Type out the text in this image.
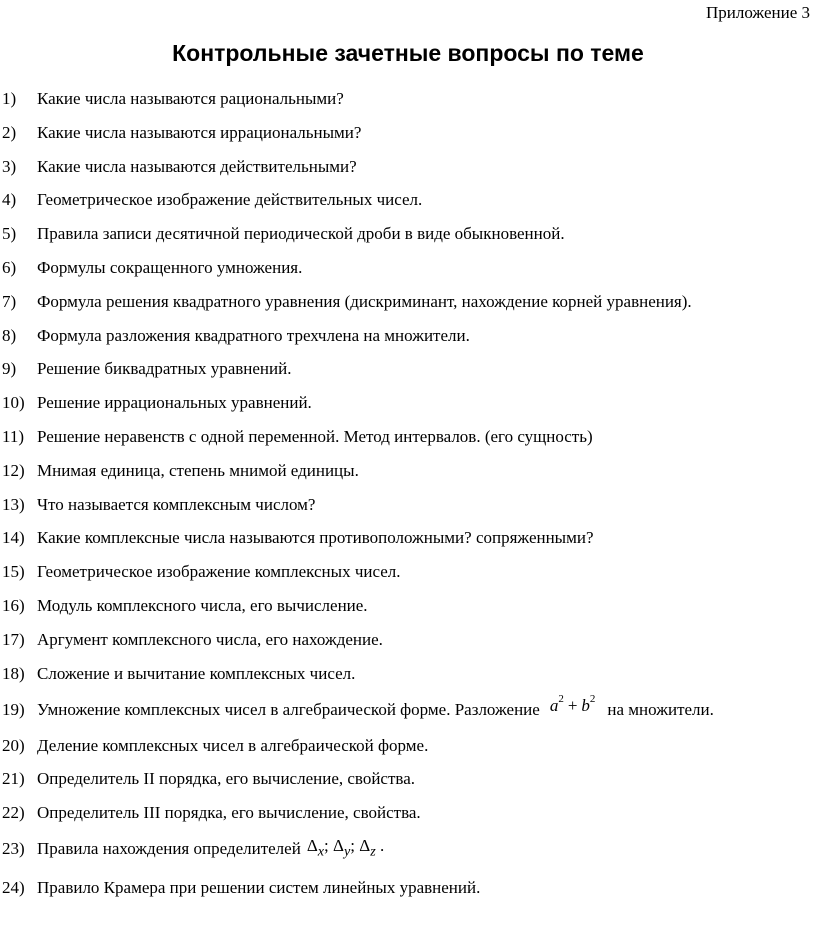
Приложение 3
Контрольные зачетные вопросы по теме
1) Какие числа называются рациональными?
2) Какие числа называются иррациональными?
3) Какие числа называются действительными?
4) Геометрическое изображение действительных чисел.
5) Правила записи десятичной периодической дроби в виде обыкновенной.
6) Формулы сокращенного умножения.
7) Формула решения квадратного уравнения (дискриминант, нахождение корней уравнения).
8) Формула разложения квадратного трехчлена на множители.
9) Решение биквадратных уравнений.
10) Решение иррациональных уравнений.
11) Решение неравенств с одной переменной. Метод интервалов. (его сущность)
12) Мнимая единица, степень мнимой единицы.
13) Что называется комплексным числом?
14) Какие комплексные числа называются противоположными? сопряженными?
15) Геометрическое изображение комплексных чисел.
16) Модуль комплексного числа, его вычисление.
17) Аргумент комплексного числа, его нахождение.
18) Сложение и вычитание комплексных чисел.
19) Умножение комплексных чисел в алгебраической форме. Разложение $a^2 + b^2на$ множители.
20) Деление комплексных чисел в алгебраической форме.
21) Определитель II порядка, его вычисление, свойства.
22) Определитель III порядка, его вычисление, свойства.
23) Правила нахождения определителей $\Delta_x$; $\Delta_y$; $\Delta_z$ .
24) Правило Крамера при решении систем линейных уравнений.
